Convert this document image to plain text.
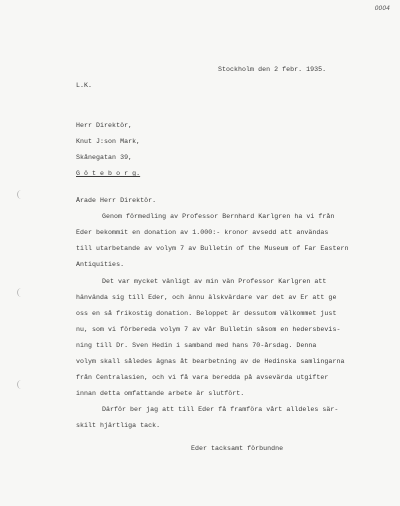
0004
Stockholm den 2 febr. 1935.
L.K.
Herr Direktör,
Knut J:son Mark,
Skånegatan 39,
G ö t e b o r g.
Ärade Herr Direktör.
Genom förmedling av Professor Bernhard Karlgren ha vi från
Eder bekommit en donation av 1.000:- kronor avsedd att användas
till utarbetande av volym 7 av Bulletin of the Museum of Far Eastern
Antiquities.
Det var mycket vänligt av min vän Professor Karlgren att
hänvända sig till Eder, och ännu älskvärdare var det av Er att ge
oss en så frikostig donation. Beloppet är dessutom välkommet just
nu, som vi förbereda volym 7 av vår Bulletin såsom en hedersbevis-
ning till Dr. Sven Hedin i samband med hans 70-årsdag. Denna
volym skall således ägnas åt bearbetning av de Hedinska samlingarna
från Centralasien, och vi få vara beredda på avsevärda utgifter
innan detta omfattande arbete är slutfört.
Därför ber jag att till Eder få framföra vårt alldeles sär-
skilt hjärtliga tack.
Eder tacksamt förbundne
